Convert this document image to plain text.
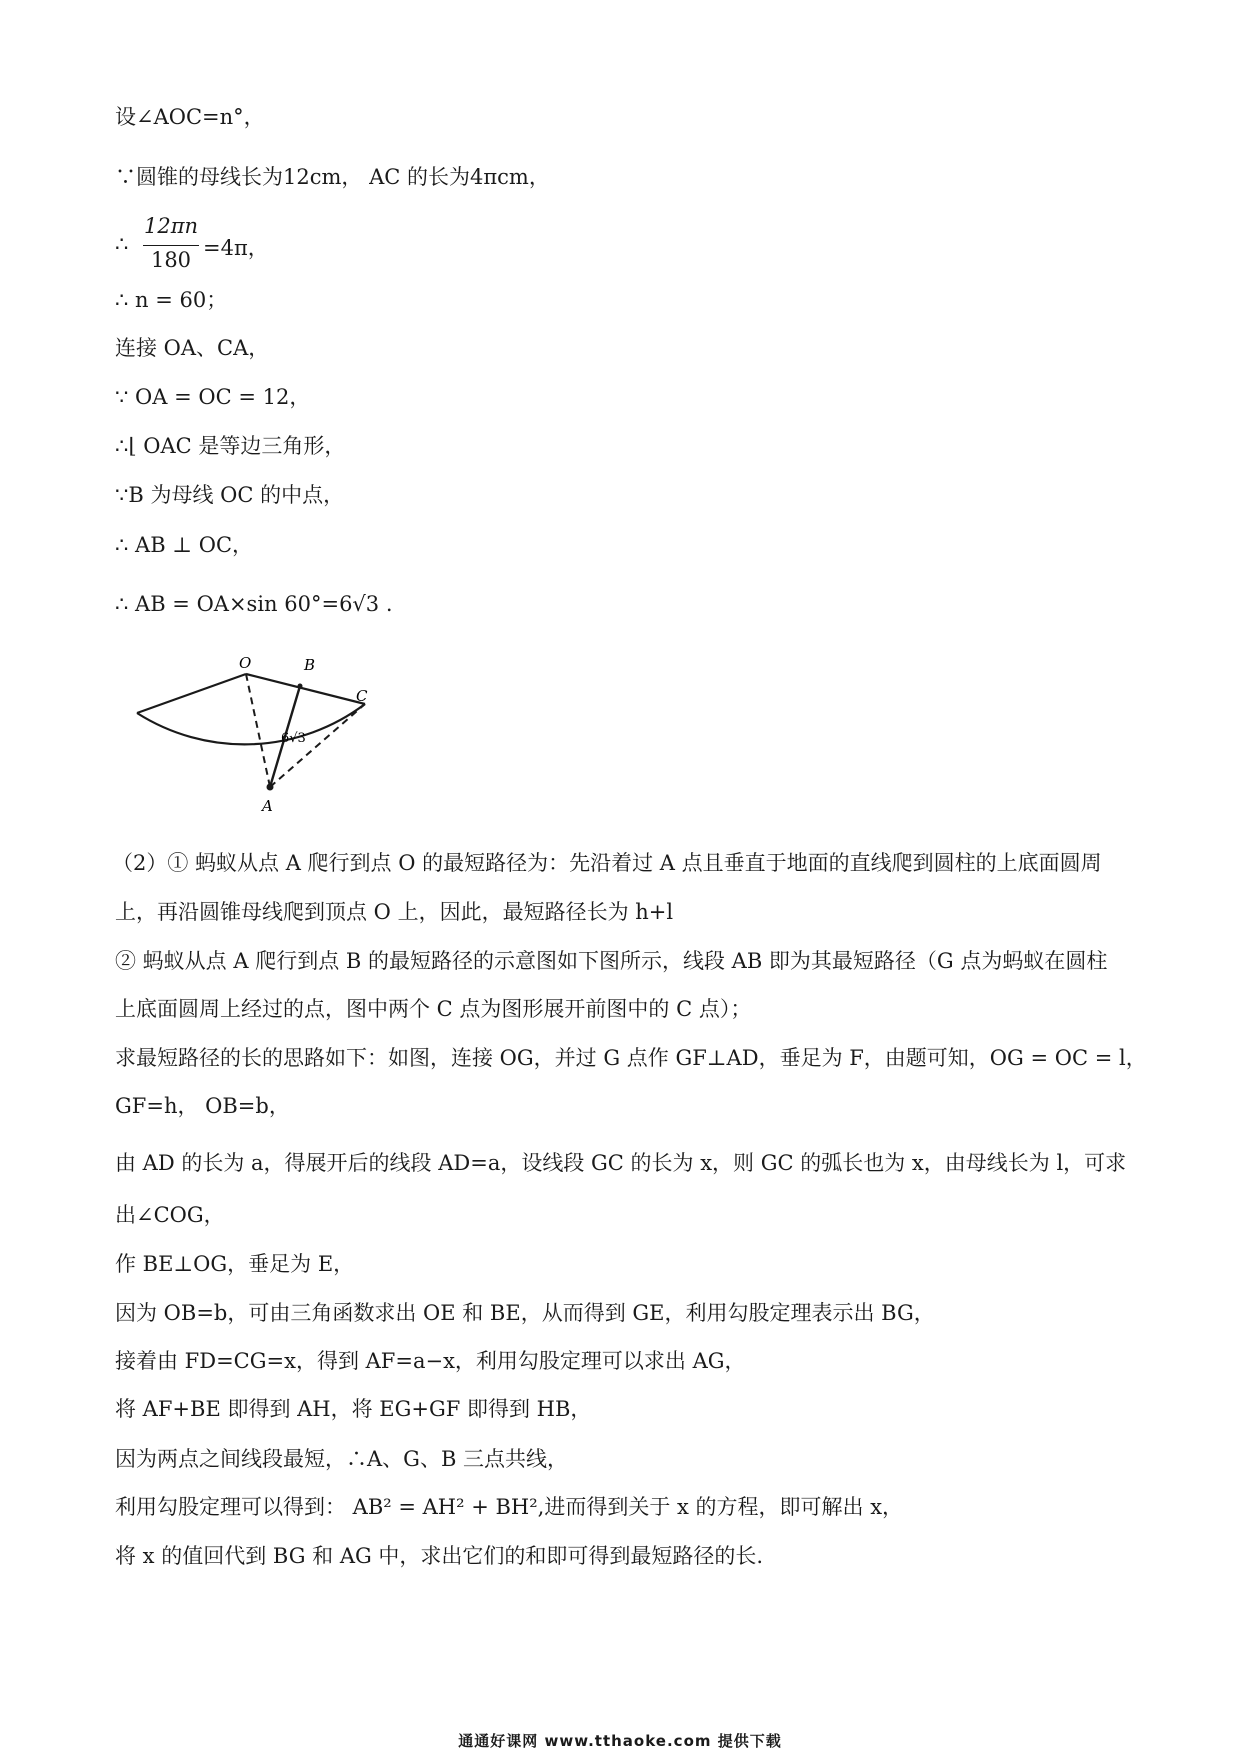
设∠AOC=n°，
∵圆锥的母线长为12cm， AC 的长为4πcm，
∴
12πn
180 =4π，
∴ n = 60；
连接 OA、CA，
∵ OA = OC = 12，
∴⌊ OAC 是等边三角形，
∵B 为母线 OC 的中点，
∴ AB ⊥ OC，
∴ AB = OA×sin 60°=6√3 .
O	B
C
A
6√3
（2）① 蚂蚁从点 A 爬行到点 O 的最短路径为：先沿着过 A 点且垂直于地面的直线爬到圆柱的上底面圆周
上，再沿圆锥母线爬到顶点 O 上，因此，最短路径长为 h+l
② 蚂蚁从点 A 爬行到点 B 的最短路径的示意图如下图所示，线段 AB 即为其最短路径（G 点为蚂蚁在圆柱
上底面圆周上经过的点，图中两个 C 点为图形展开前图中的 C 点）；
求最短路径的长的思路如下：如图，连接 OG，并过 G 点作 GF⊥AD，垂足为 F，由题可知，OG = OC = l，
GF=h， OB=b，
由 AD 的长为 a，得展开后的线段 AD=a，设线段 GC 的长为 x，则 GC 的弧长也为 x，由母线长为 l，可求
出∠COG，
作 BE⊥OG，垂足为 E，
因为 OB=b，可由三角函数求出 OE 和 BE，从而得到 GE，利用勾股定理表示出 BG，
接着由 FD=CG=x，得到 AF=a−x，利用勾股定理可以求出 AG，
将 AF+BE 即得到 AH，将 EG+GF 即得到 HB，
因为两点之间线段最短，∴A、G、B 三点共线，
利用勾股定理可以得到： AB² = AH² + BH²,进而得到关于 x 的方程，即可解出 x，
将 x 的值回代到 BG 和 AG 中，求出它们的和即可得到最短路径的长.
通通好课网 www.tthaoke.com 提供下载
